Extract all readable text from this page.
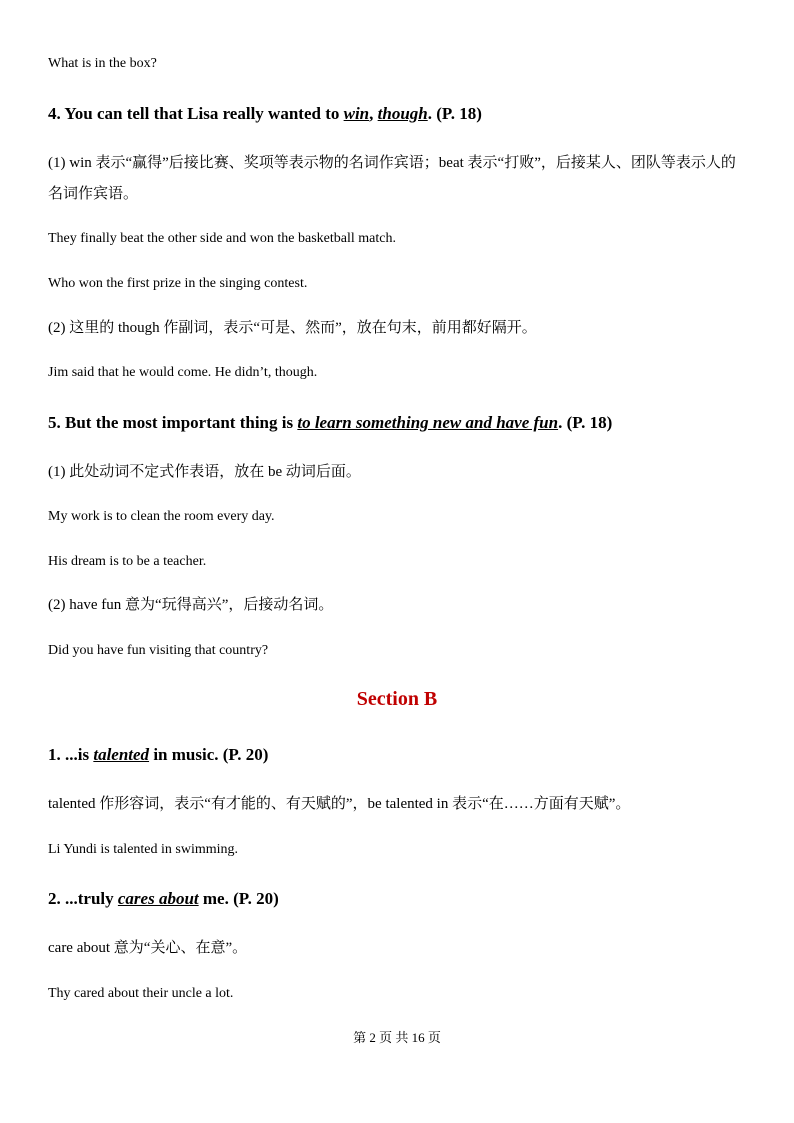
What is in the box?
4. You can tell that Lisa really wanted to win, though. (P. 18)
(1) win 表示“赢得”后接比赛、奖项等表示物的名词作宾语；beat 表示“打败”，后接某人、团队等表示人的名词作宾语。
They finally beat the other side and won the basketball match.
Who won the first prize in the singing contest.
(2) 这里的 though 作副词，表示“可是、然而”，放在句末，前用都好隔开。
Jim said that he would come. He didn’t, though.
5. But the most important thing is to learn something new and have fun. (P. 18)
(1) 此处动词不定式作表语，放在 be 动词后面。
My work is to clean the room every day.
His dream is to be a teacher.
(2) have fun 意为“玩得高兴”，后接动名词。
Did you have fun visiting that country?
Section B
1. ...is talented in music. (P. 20)
talented 作形容词，表示“有才能的、有天赋的”，be talented in 表示“在……方面有天赋”。
Li Yundi is talented in swimming.
2. ...truly cares about me. (P. 20)
care about 意为“关心、在意”。
Thy cared about their uncle a lot.
第 2 页 共 16 页
